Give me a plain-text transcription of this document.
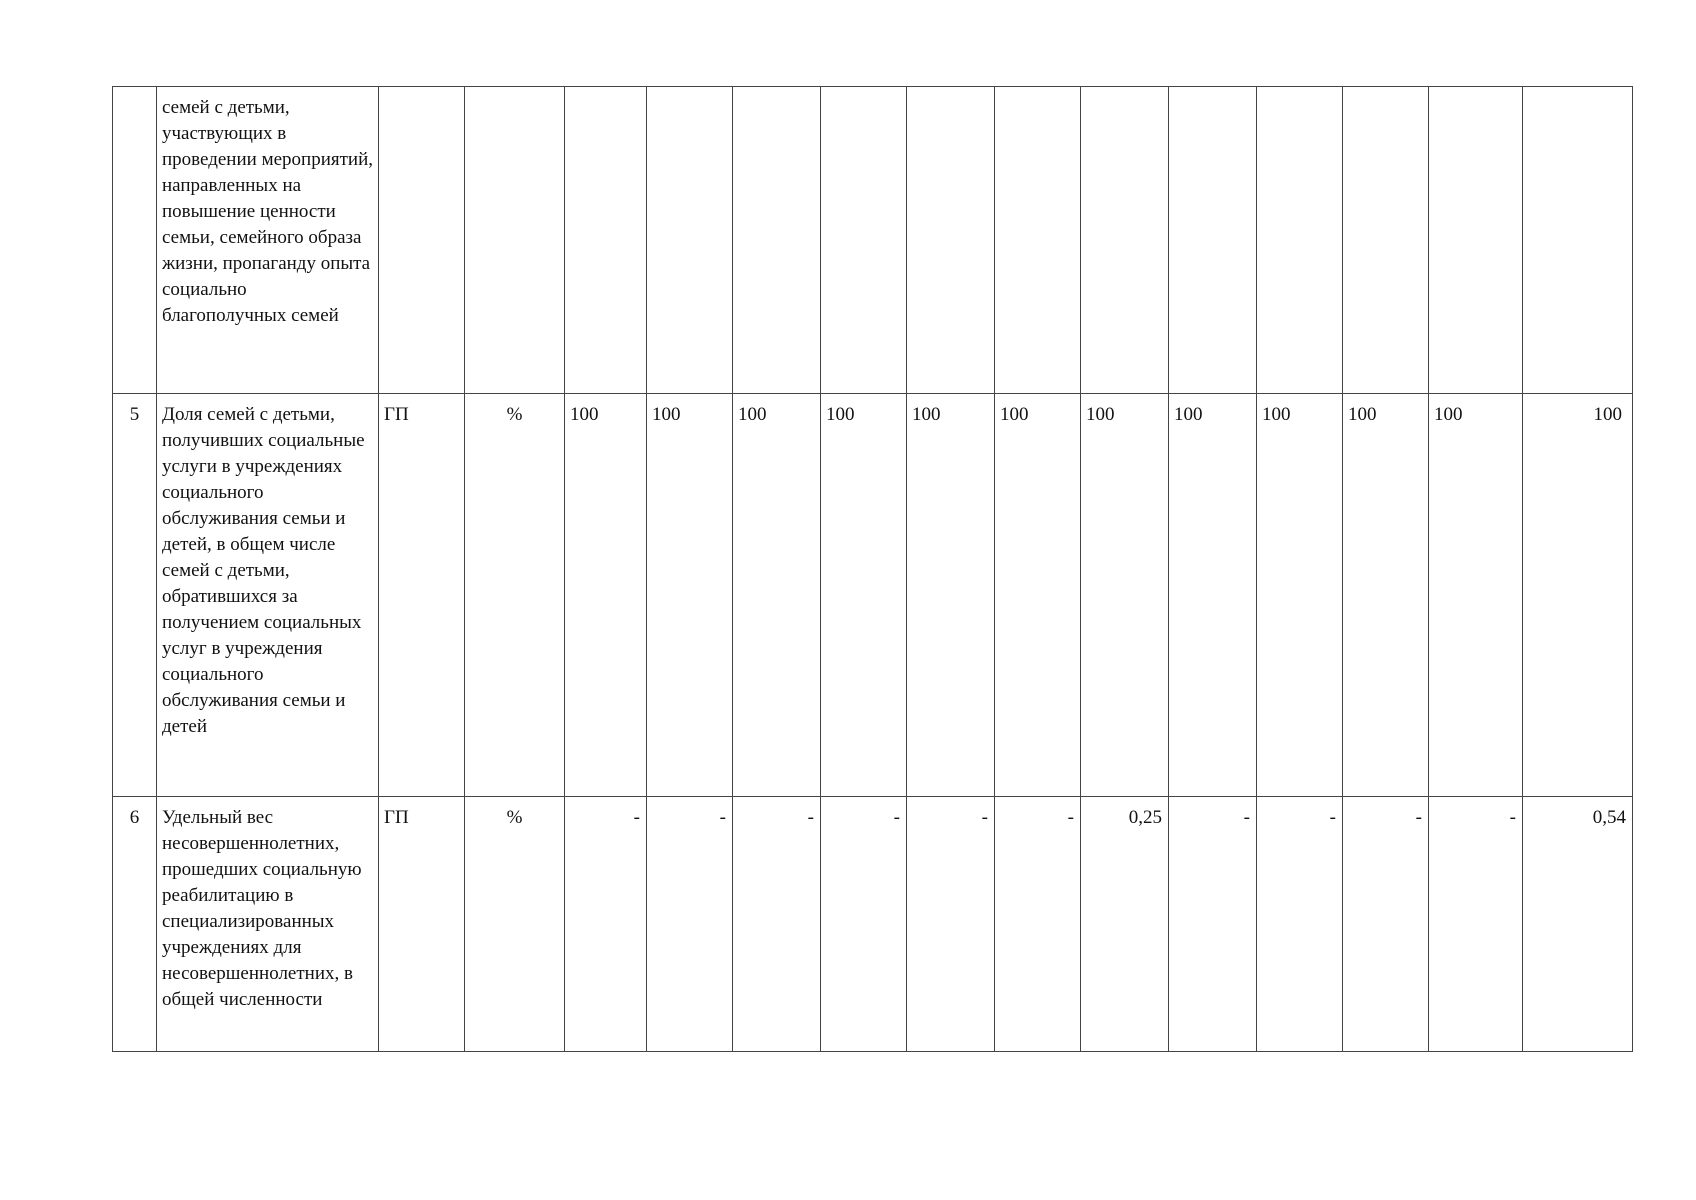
	семей с детьми, участвующих в проведении мероприятий, направленных на повышение ценности семьи, семейного образа жизни, пропаганду опыта социально благополучных семей														
5	Доля семей с детьми, получивших социальные услуги в учреждениях социального обслуживания семьи и детей, в общем числе семей с детьми, обратившихся за получением социальных услуг в учреждения социального обслуживания семьи и детей	ГП	%	100	100	100	100	100	100	100	100	100	100	100	100
6	Удельный вес несовершеннолетних, прошедших социальную реабилитацию в специализированных учреждениях для несовершеннолетних, в общей численности	ГП	%	-	-	-	-	-	-	0,25	-	-	-	-	0,54
